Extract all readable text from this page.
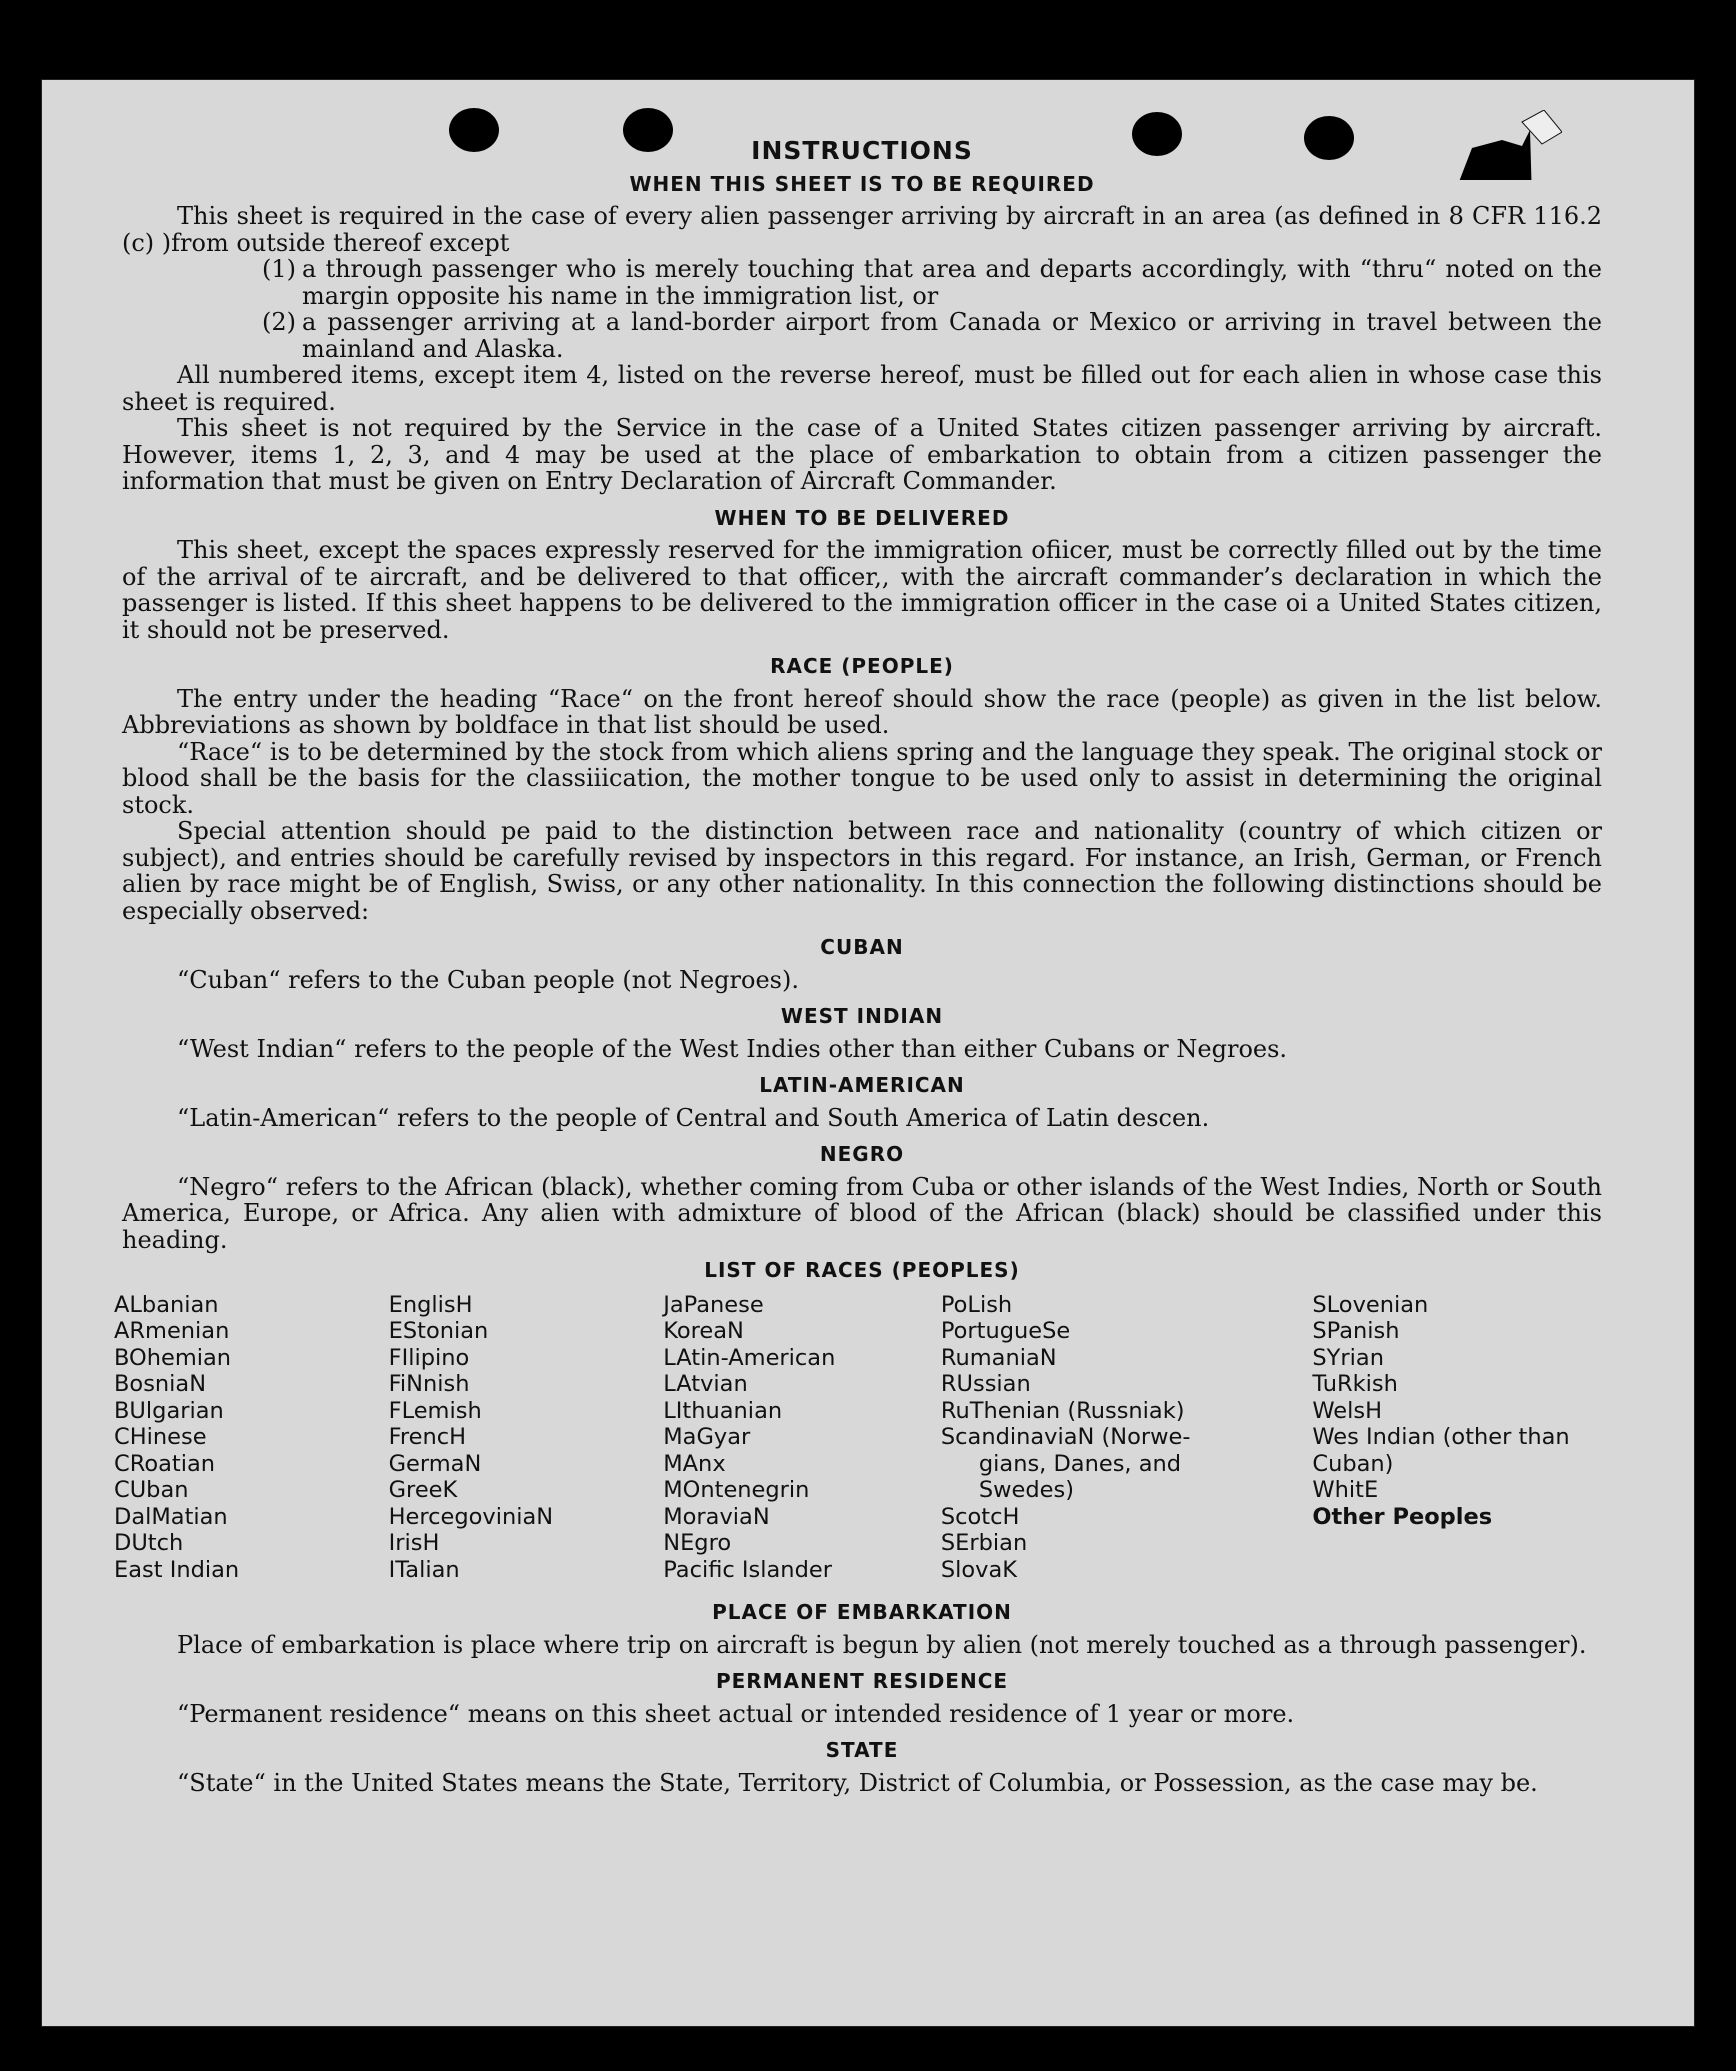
INSTRUCTIONS
WHEN THIS SHEET IS TO BE REQUIRED

This sheet is required in the case of every alien passenger arriving by aircraft in an area (as defined in 8 CFR 116.2 (c) )from outside thereof except

(1) a through passenger who is merely touching that area and departs accordingly, with “thru“ noted on the margin opposite his name in the immigration list, or
(2) a passenger arriving at a land-border airport from Canada or Mexico or arriving in travel between the mainland and Alaska.

All numbered items, except item 4, listed on the reverse hereof, must be filled out for each alien in whose case this sheet is required.

This sheet is not required by the Service in the case of a United States citizen passenger arriving by aircraft. However, items 1, 2, 3, and 4 may be used at the place of embarkation to obtain from a citizen passenger the information that must be given on Entry Declaration of Aircraft Commander.

WHEN TO BE DELIVERED

This sheet, except the spaces expressly reserved for the immigration ofiicer, must be correctly filled out by the time of the arrival of te aircraft, and be delivered to that officer,, with the aircraft commander’s declaration in which the passenger is listed. If this sheet happens to be delivered to the immigration officer in the case oi a United States citizen, it should not be preserved.

RACE (PEOPLE)

The entry under the heading “Race“ on the front hereof should show the race (people) as given in the list below. Abbreviations as shown by boldface in that list should be used.

“Race“ is to be determined by the stock from which aliens spring and the language they speak. The original stock or blood shall be the basis for the classiiication, the mother tongue to be used only to assist in determining the original stock.

Special attention should pe paid to the distinction between race and nationality (country of which citizen or subject), and entries should be carefully revised by inspectors in this regard. For instance, an Irish, German, or French alien by race might be of English, Swiss, or any other nationality. In this connection the following distinctions should be especially observed:

CUBAN
“Cuban“ refers to the Cuban people (not Negroes).
WEST INDIAN
“West Indian“ refers to the people of the West Indies other than either Cubans or Negroes.
LATIN-AMERICAN
“Latin-American“ refers to the people of Central and South America of Latin descen.
NEGRO

“Negro“ refers to the African (black), whether coming from Cuba or other islands of the West Indies, North or South America, Europe, or Africa. Any alien with admixture of blood of the African (black) should be classified under this heading.

LIST OF RACES (PEOPLES)
ALbanian
ARmenian
BOhemian
BosniaN
BUlgarian
CHinese
CRoatian
CUban
DalMatian
DUtch
East Indian
EnglisH
EStonian
FIlipino
FiNnish
FLemish
FrencH
GermaN
GreeK
HercegoviniaN
IrisH
ITalian
JaPanese
KoreaN
LAtin-American
LAtvian
LIthuanian
MaGyar
MAnx
MOntenegrin
MoraviaN
NEgro
Pacific Islander
PoLish
PortugueSe
RumaniaN
RUssian
RuThenian (Russniak)
ScandinaviaN (Norwe-
gians, Danes, and
Swedes)
ScotcH
SErbian
SlovaK
SLovenian
SPanish
SYrian
TuRkish
WelsH
Wes Indian (other than Cuban)
WhitE
Other Peoples
PLACE OF EMBARKATION

Place of embarkation is place where trip on aircraft is begun by alien (not merely touched as a through passenger).

PERMANENT RESIDENCE
“Permanent residence“ means on this sheet actual or intended residence of 1 year or more.
STATE

“State“ in the United States means the State, Territory, District of Columbia, or Possession, as the case may be.
